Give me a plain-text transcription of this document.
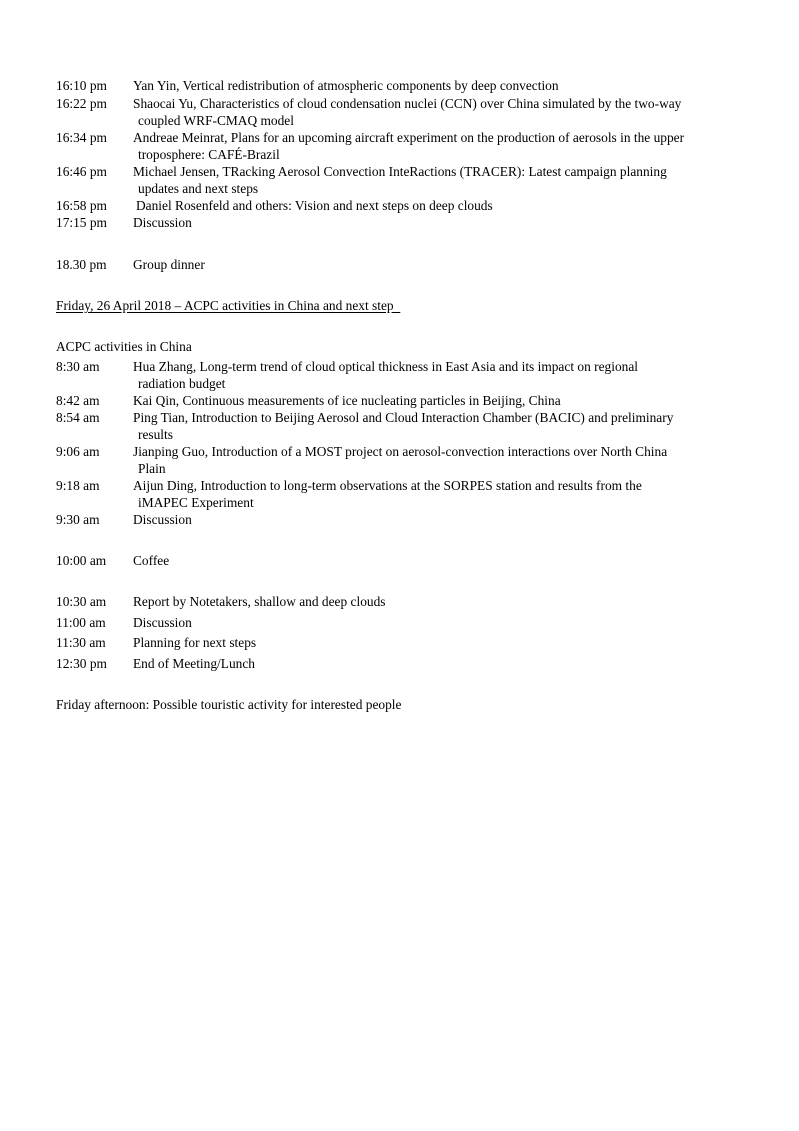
16:10 pm	Yan Yin, Vertical redistribution of atmospheric components by deep convection
16:22 pm	Shaocai Yu, Characteristics of cloud condensation nuclei (CCN) over China simulated by the two-way
coupled WRF-CMAQ model
16:34 pm	Andreae Meinrat, Plans for an upcoming aircraft experiment on the production of aerosols in the upper
troposphere: CAFÉ-Brazil
16:46 pm	Michael Jensen, TRacking Aerosol Convection InteRactions (TRACER): Latest campaign planning
updates and next steps
16:58 pm	Daniel Rosenfeld and others: Vision and next steps on deep clouds
17:15 pm	Discussion
18.30 pm	Group dinner
Friday, 26 April 2018 – ACPC activities in China and next step
ACPC activities in China
8:30 am	Hua Zhang, Long-term trend of cloud optical thickness in East Asia and its impact on regional
radiation budget
8:42 am	Kai Qin, Continuous measurements of ice nucleating particles in Beijing, China
8:54 am	Ping Tian, Introduction to Beijing Aerosol and Cloud Interaction Chamber (BACIC) and preliminary
results
9:06 am	Jianping Guo, Introduction of a MOST project on aerosol-convection interactions over North China
Plain
9:18 am	Aijun Ding, Introduction to long-term observations at the SORPES station and results from the
iMAPEC Experiment
9:30 am	Discussion
10:00 am	Coffee
10:30 am	Report by Notetakers, shallow and deep clouds
11:00 am	Discussion
11:30 am	Planning for next steps
12:30 pm	End of Meeting/Lunch
Friday afternoon: Possible touristic activity for interested people
